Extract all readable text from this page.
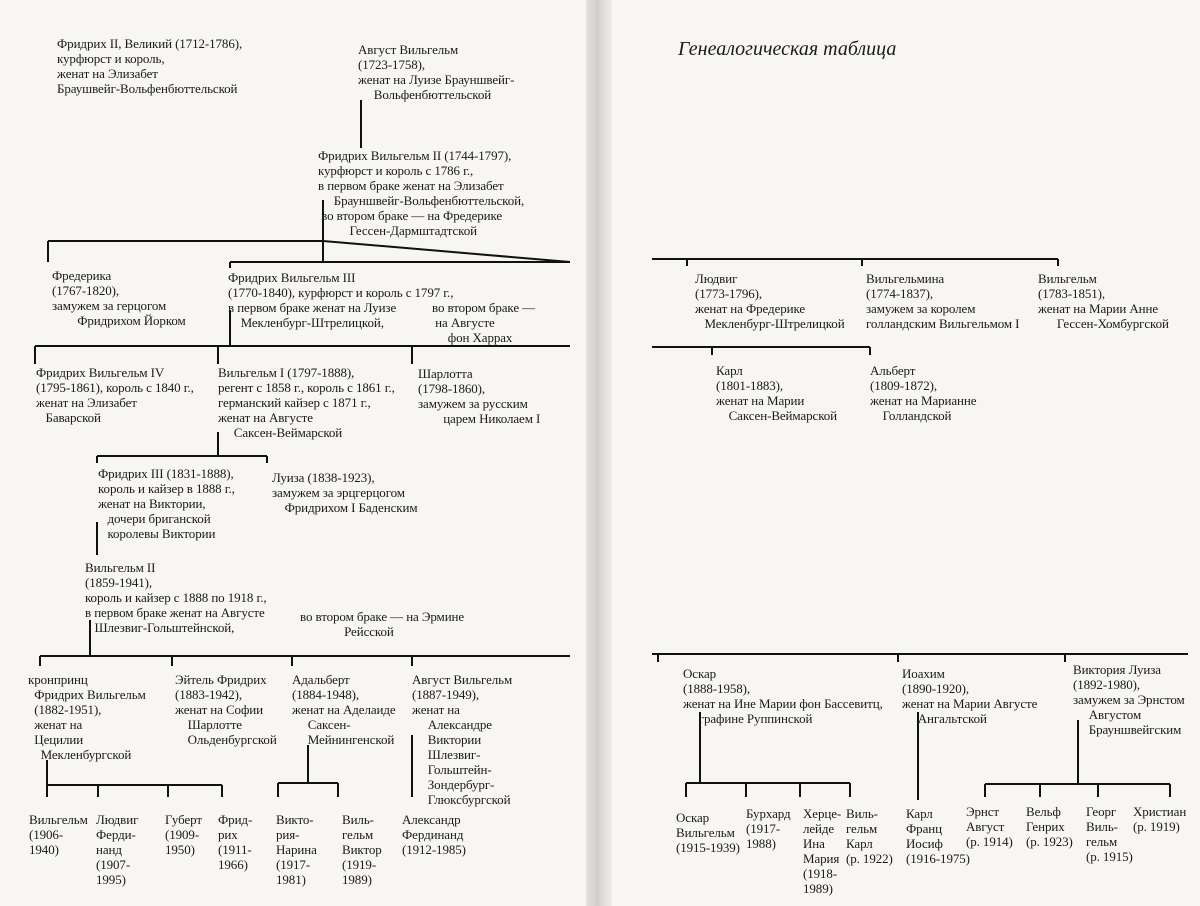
Генеалогическая таблица
Фридрих II, Великий (1712-1786),
курфюрст и король,
женат на Элизабет
Браушвейг-Вольфенбюттельской
Август Вильгельм
(1723-1758),
женат на Луизе Брауншвейг-
Вольфенбюттельской
Фридрих Вильгельм II (1744-1797),
курфюрст и король с 1786 г.,
в первом браке женат на Элизабет
Брауншвейг-Вольфенбюттельской,
во втором браке — на Фредерике
Гессен-Дармштадтской
Фредерика
(1767-1820),
замужем за герцогом
Фридрихом Йорком
Фридрих Вильгельм III
(1770-1840), курфюрст и король с 1797 г.,
в первом браке женат на Луизе
Мекленбург-Штрелицкой,
во втором браке —
на Августе
фон Харрах
Людвиг
(1773-1796),
женат на Фредерике
Мекленбург-Штрелицкой
Вильгельмина
(1774-1837),
замужем за королем
голландским Вильгельмом I
Вильгельм
(1783-1851),
женат на Марии Анне
Гессен-Хомбургской
Фридрих Вильгельм IV
(1795-1861), король с 1840 г.,
женат на Элизабет
Баварской
Вильгельм I (1797-1888),
регент с 1858 г., король с 1861 г.,
германский кайзер с 1871 г.,
женат на Августе
Саксен-Веймарской
Шарлотта
(1798-1860),
замужем за русским
царем Николаем I
Карл
(1801-1883),
женат на Марии
Саксен-Веймарской
Альберт
(1809-1872),
женат на Марианне
Голландской
Фридрих III (1831-1888),
король и кайзер в 1888 г.,
женат на Виктории,
дочери бриганской
королевы Виктории
Луиза (1838-1923),
замужем за эрцгерцогом
Фридрихом I Баденским
Вильгельм II
(1859-1941),
король и кайзер с 1888 по 1918 г.,
в первом браке женат на Августе
Шлезвиг-Гольштейнской,
во втором браке — на Эрмине
Рейсской
кронпринц
Фридрих Вильгельм
(1882-1951),
женат на
Цецилии
Мекленбургской
Эйтель Фридрих
(1883-1942),
женат на Софии
Шарлотте
Ольденбургской
Адальберт
(1884-1948),
женат на Аделаиде
Саксен-
Мейнингенской
Август Вильгельм
(1887-1949),
женат на
Александре
Виктории
Шлезвиг-
Гольштейн-
Зондербург-
Глюксбургской
Оскар
(1888-1958),
женат на Ине Марии фон Бассевитц,
графине Руппинской
Иоахим
(1890-1920),
женат на Марии Августе
Ангальтской
Виктория Луиза
(1892-1980),
замужем за Эрнстом
Августом
Брауншвейгским
Вильгельм
(1906-
1940)
Людвиг
Ферди-
нанд
(1907-
1995)
Губерт
(1909-
1950)
Фрид-
рих
(1911-
1966)
Викто-
рия-
Нарина
(1917-
1981)
Виль-
гельм
Виктор
(1919-
1989)
Александр
Фердинанд
(1912-1985)
Оскар
Вильгельм
(1915-1939)
Бурхард
(1917-
1988)
Херце-
лейде
Ина
Мария
(1918-
1989)
Виль-
гельм
Карл
(р. 1922)
Карл
Франц
Иосиф
(1916-1975)
Эрнст
Август
(р. 1914)
Вельф
Генрих
(р. 1923)
Георг
Виль-
гельм
(р. 1915)
Христиан
(р. 1919)
